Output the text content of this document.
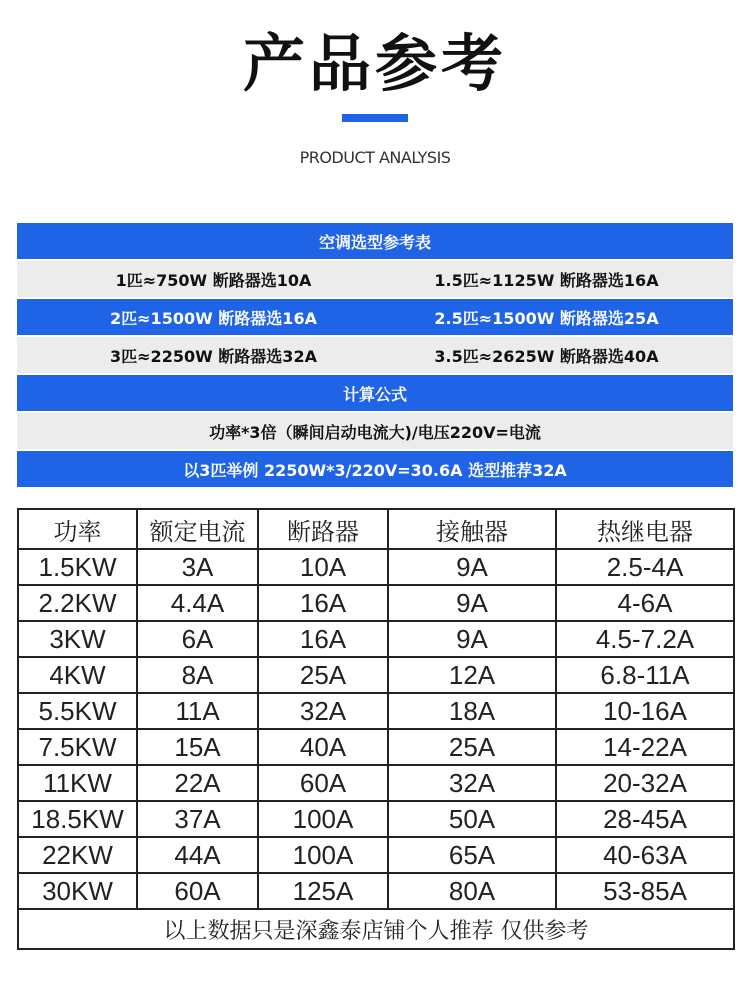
产品参考
PRODUCT ANALYSIS
空调选型参考表
1匹≈750W 断路器选10A	1.5匹≈1125W 断路器选16A
2匹≈1500W 断路器选16A	2.5匹≈1500W 断路器选25A
3匹≈2250W 断路器选32A	3.5匹≈2625W 断路器选40A
计算公式
功率*3倍（瞬间启动电流大)/电压220V=电流
以3匹举例 2250W*3/220V=30.6A 选型推荐32A
功率	额定电流	断路器	接触器	热继电器
1.5KW	3A	10A	9A	2.5-4A
2.2KW	4.4A	16A	9A	4-6A
3KW	6A	16A	9A	4.5-7.2A
4KW	8A	25A	12A	6.8-11A
5.5KW	11A	32A	18A	10-16A
7.5KW	15A	40A	25A	14-22A
11KW	22A	60A	32A	20-32A
18.5KW	37A	100A	50A	28-45A
22KW	44A	100A	65A	40-63A
30KW	60A	125A	80A	53-85A
以上数据只是深鑫泰店铺个人推荐 仅供参考				
